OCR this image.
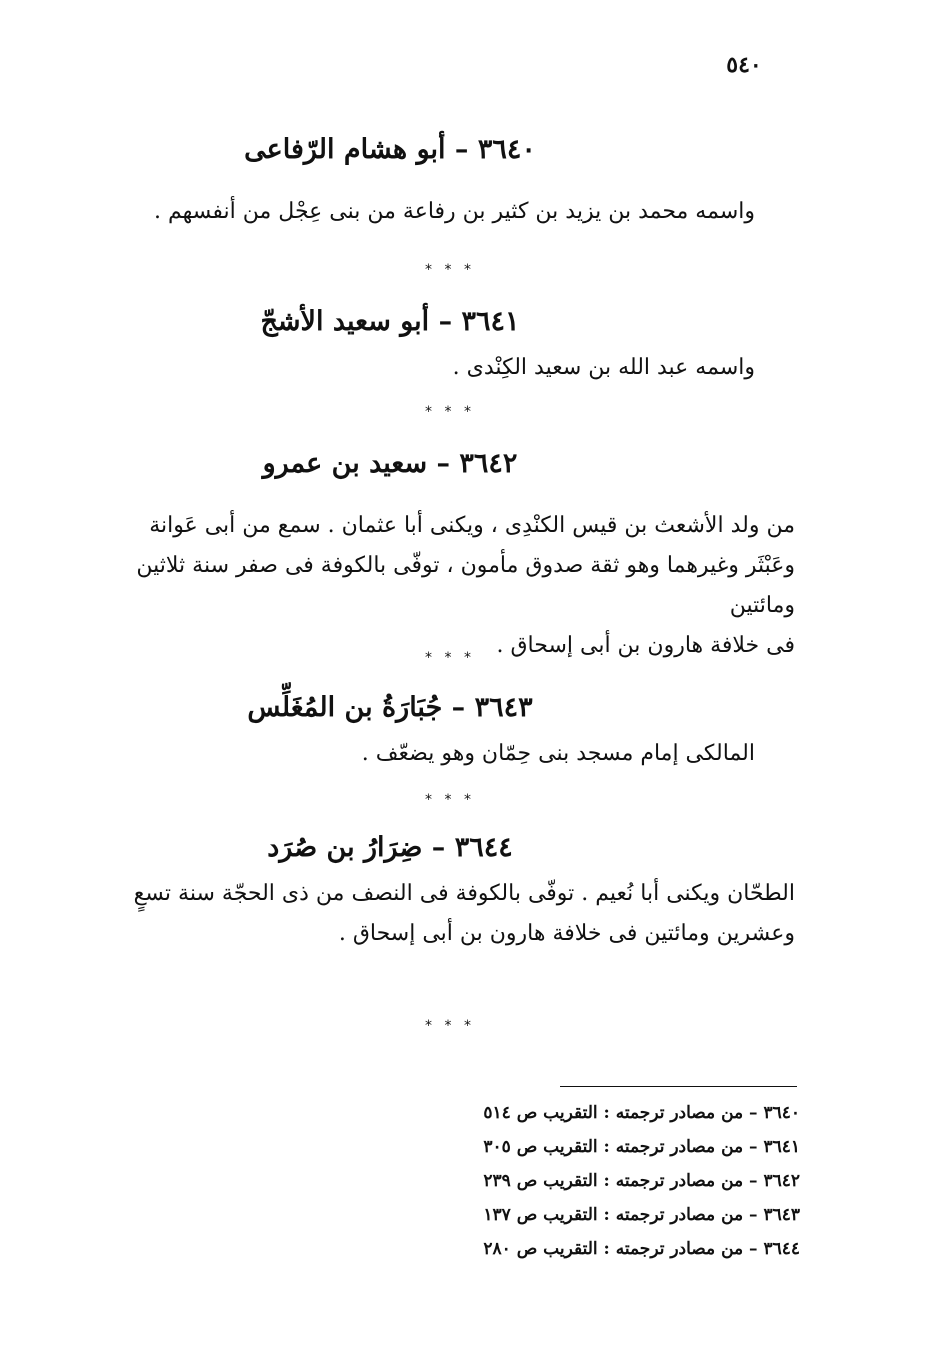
٥٤٠
٣٦٤٠ – أبو هشام الرّفاعى
واسمه محمد بن يزيد بن كثير بن رفاعة من بنى عِجْل من أنفسهم .
* * *
٣٦٤١ – أبو سعيد الأشجّ
واسمه عبد الله بن سعيد الكِنْدى .
* * *
٣٦٤٢ – سعيد بن عمرو
من ولد الأشعث بن قيس الكنْدِى ، ويكنى أبا عثمان . سمع من أبى عَوانة
وعَبْثَر وغيرهما وهو ثقة صدوق مأمون ، توفّى بالكوفة فى صفر سنة ثلاثين ومائتين
فى خلافة هارون بن أبى إسحاق .
* * *
٣٦٤٣ – جُبَارَةُ بن المُغَلِّس
المالكى إمام مسجد بنى حِمّان وهو يضعّف .
* * *
٣٦٤٤ – ضِرَارُ بن صُرَد
الطحّان ويكنى أبا نُعيم . توفّى بالكوفة فى النصف من ذى الحجّة سنة تسعٍ
وعشرين ومائتين فى خلافة هارون بن أبى إسحاق .
* * *
٣٦٤٠ – من مصادر ترجمته : التقريب ص ٥١٤
٣٦٤١ – من مصادر ترجمته : التقريب ص ٣٠٥
٣٦٤٢ – من مصادر ترجمته : التقريب ص ٢٣٩
٣٦٤٣ – من مصادر ترجمته : التقريب ص ١٣٧
٣٦٤٤ – من مصادر ترجمته : التقريب ص ٢٨٠
